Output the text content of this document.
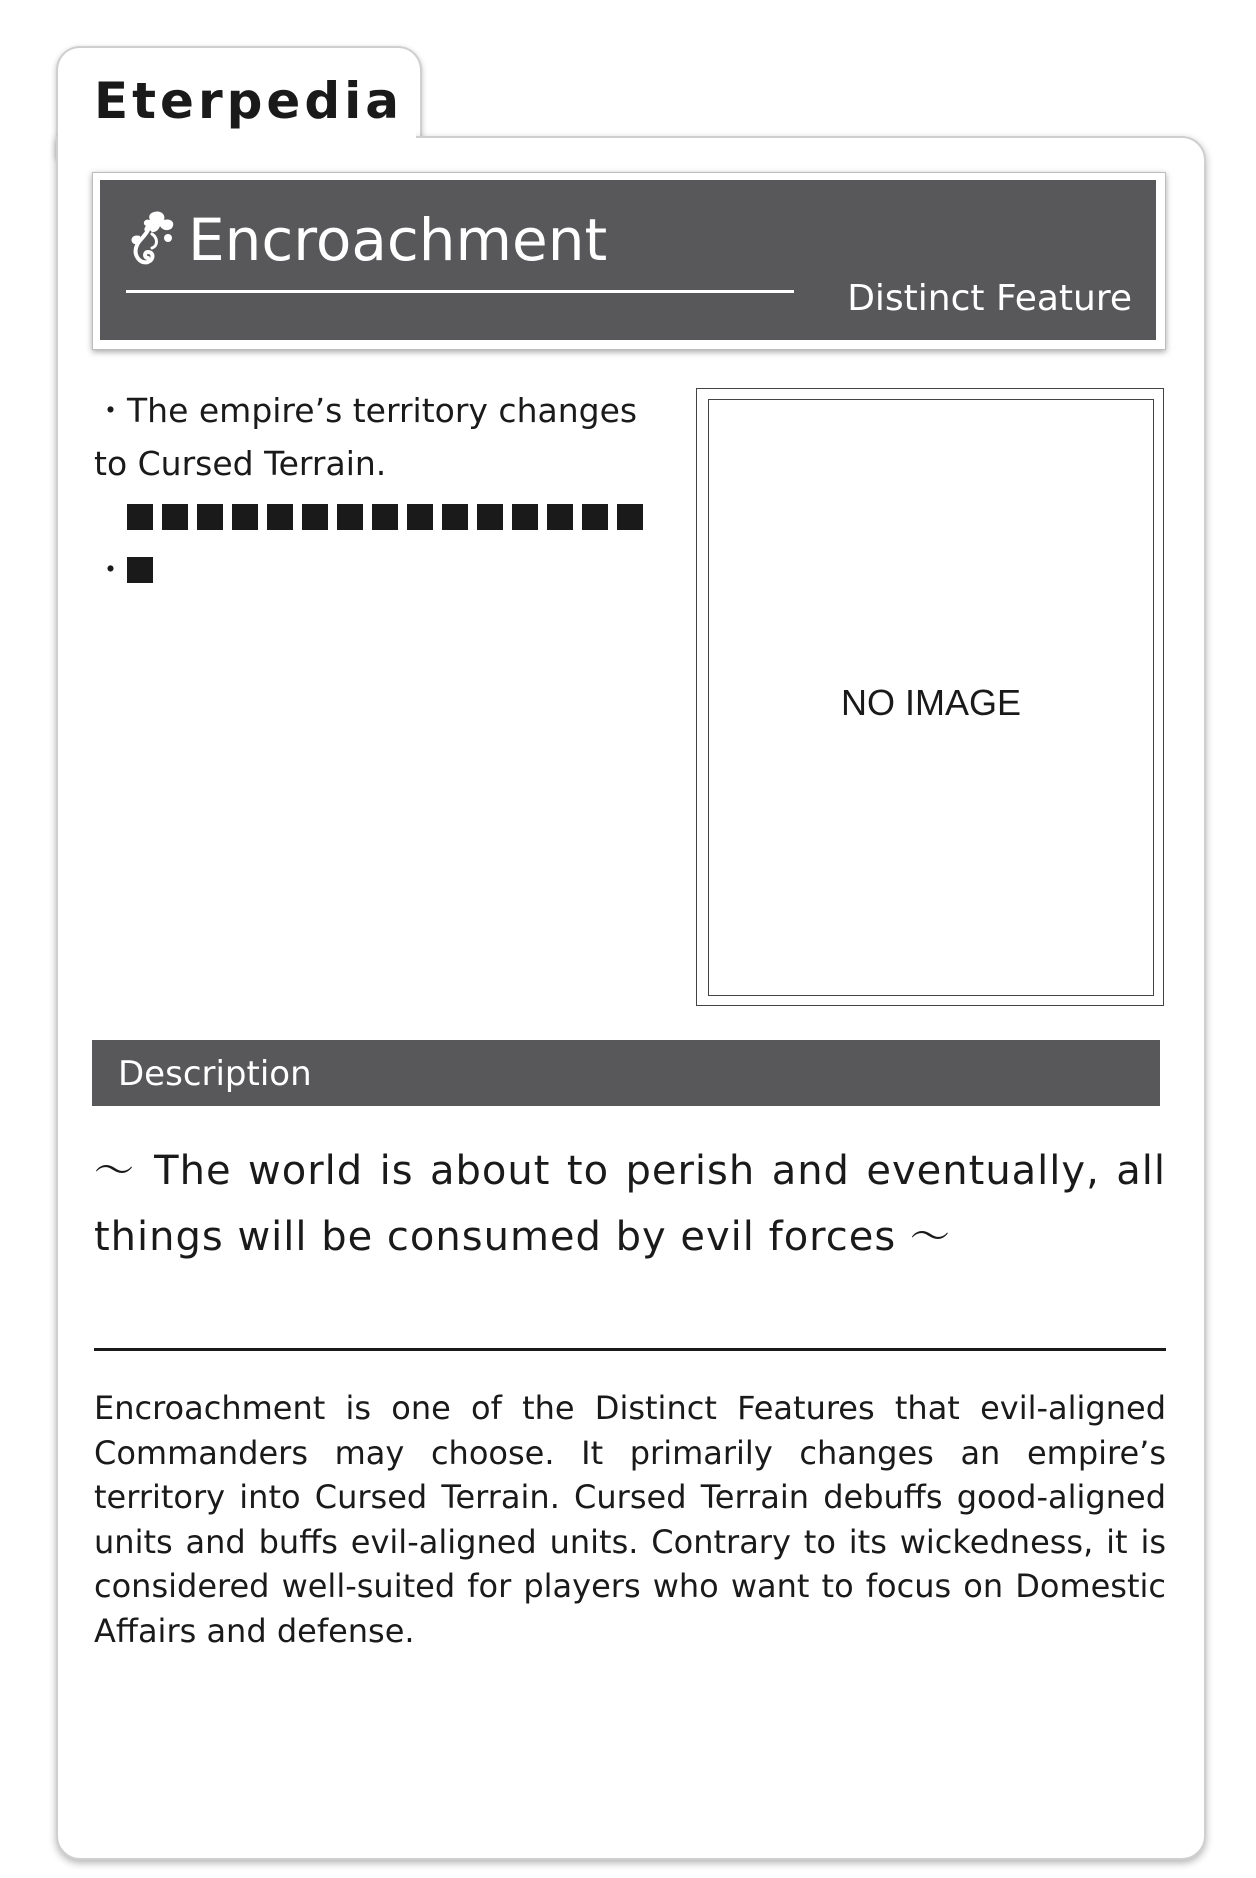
Eterpedia
Encroachment
Distinct Feature

・The empire’s territory changes to Cursed Terrain.

・

NO IMAGE
Description
～ The world is about to perish and eventually, all things will be consumed by evil forces ～
Encroachment is one of the Distinct Features that evil-aligned Commanders may choose. It primarily changes an empire’s territory into Cursed Terrain. Cursed Terrain debuffs good-aligned units and buffs evil-aligned units. Contrary to its wickedness, it is considered well-suited for players who want to focus on Domestic Affairs and defense.
